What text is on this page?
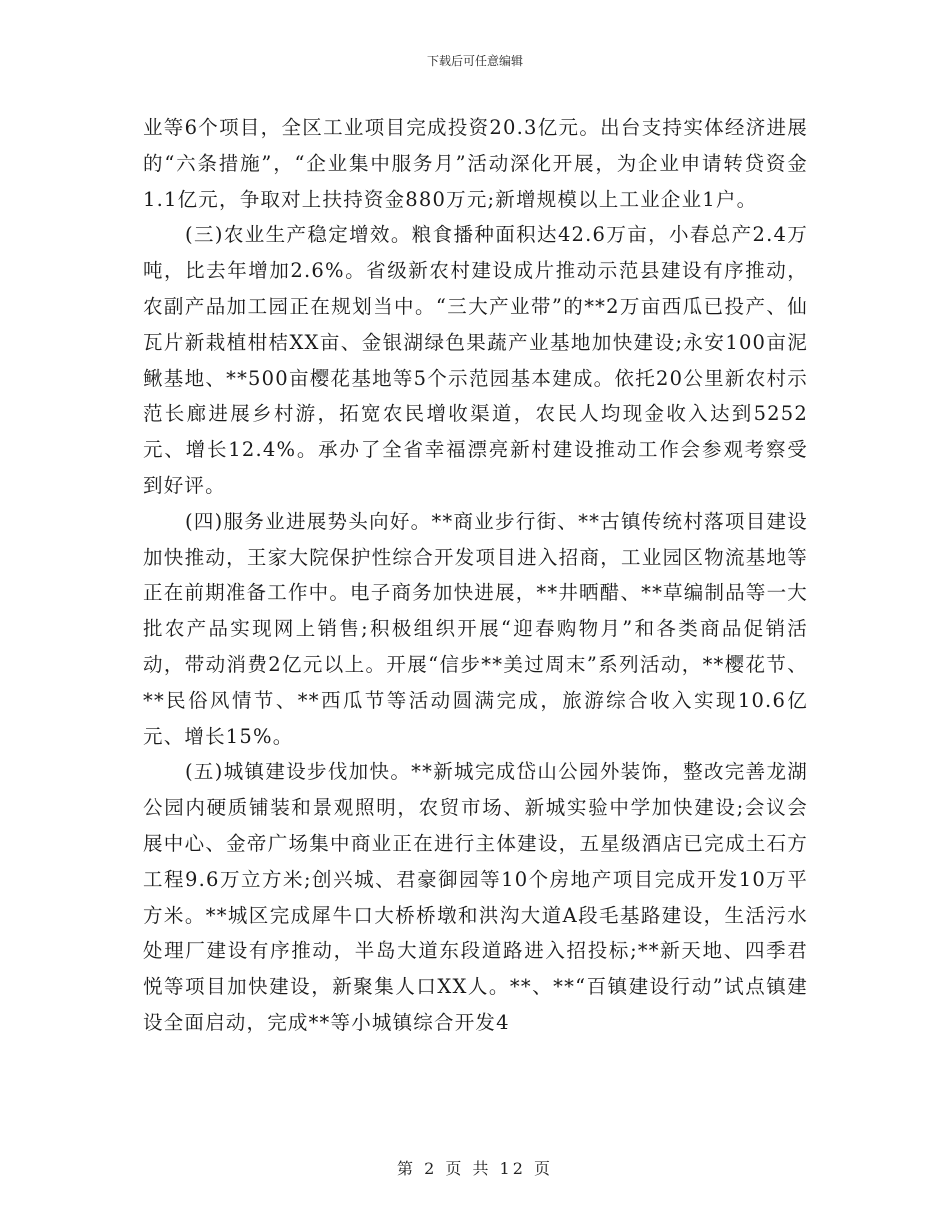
下载后可任意编辑

业等6个项目，全区工业项目完成投资20.3亿元。出台支持实体经济进展的“六条措施”，“企业集中服务月”活动深化开展，为企业申请转贷资金1.1亿元，争取对上扶持资金880万元;新增规模以上工业企业1户。

(三)农业生产稳定增效。粮食播种面积达42.6万亩，小春总产2.4万吨，比去年增加2.6%。省级新农村建设成片推动示范县建设有序推动，农副产品加工园正在规划当中。“三大产业带”的**2万亩西瓜已投产、仙瓦片新栽植柑桔XX亩、金银湖绿色果蔬产业基地加快建设;永安100亩泥鳅基地、**500亩樱花基地等5个示范园基本建成。依托20公里新农村示范长廊进展乡村游，拓宽农民增收渠道，农民人均现金收入达到5252元、增长12.4%。承办了全省幸福漂亮新村建设推动工作会参观考察受到好评。

(四)服务业进展势头向好。**商业步行街、**古镇传统村落项目建设加快推动，王家大院保护性综合开发项目进入招商，工业园区物流基地等正在前期准备工作中。电子商务加快进展，**井晒醋、**草编制品等一大批农产品实现网上销售;积极组织开展“迎春购物月”和各类商品促销活动，带动消费2亿元以上。开展“信步**美过周末”系列活动，**樱花节、**民俗风情节、**西瓜节等活动圆满完成，旅游综合收入实现10.6亿元、增长15%。

(五)城镇建设步伐加快。**新城完成岱山公园外装饰，整改完善龙湖公园内硬质铺装和景观照明，农贸市场、新城实验中学加快建设;会议会展中心、金帝广场集中商业正在进行主体建设，五星级酒店已完成土石方工程9.6万立方米;创兴城、君豪御园等10个房地产项目完成开发10万平方米。**城区完成犀牛口大桥桥墩和洪沟大道A段毛基路建设，生活污水处理厂建设有序推动，半岛大道东段道路进入招投标;**新天地、四季君悦等项目加快建设，新聚集人口XX人。**、**“百镇建设行动”试点镇建设全面启动，完成**等小城镇综合开发4

第 2 页 共 12 页
